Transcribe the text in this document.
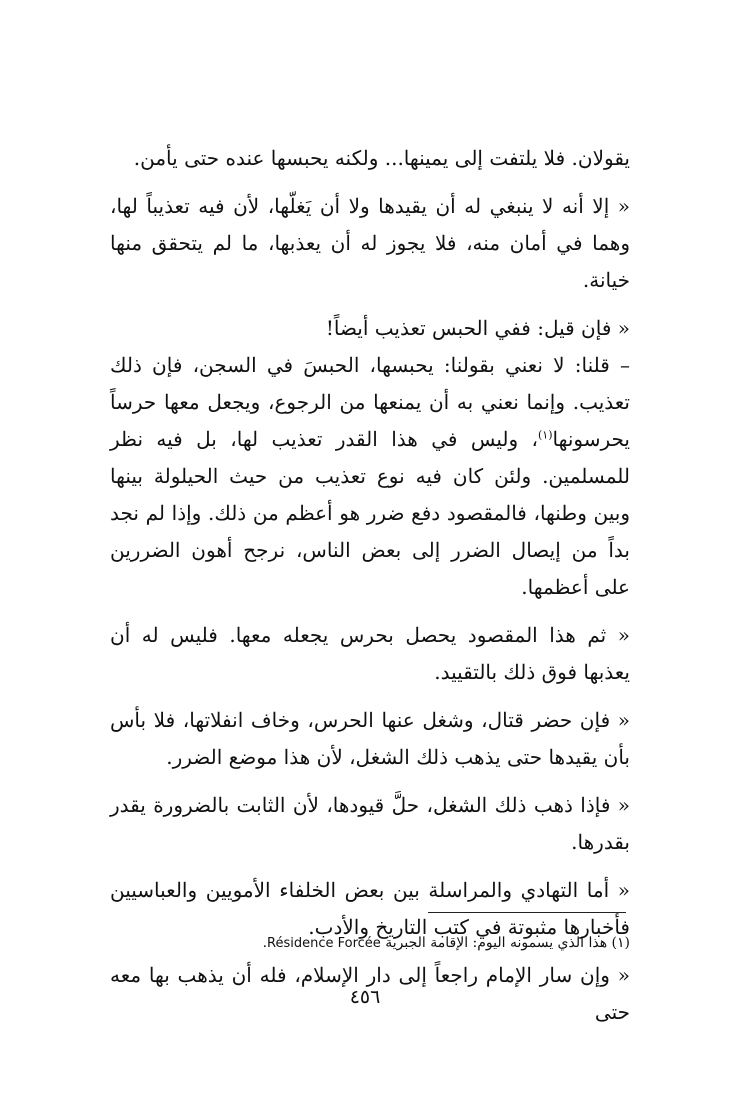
يقولان. فلا يلتفت إلى يمينها... ولكنه يحبسها عنده حتى يأمن.

« إلا أنه لا ينبغي له أن يقيدها ولا أن يَغلّها، لأن فيه تعذيباً لها، وهما في أمان منه، فلا يجوز له أن يعذبها، ما لم يتحقق منها خيانة.

« فإن قيل: ففي الحبس تعذيب أيضاً!

– قلنا: لا نعني بقولنا: يحبسها، الحبسَ في السجن، فإن ذلك تعذيب. وإنما نعني به أن يمنعها من الرجوع، ويجعل معها حرساً يحرسونها$^{(١)}$، وليس في هذا القدر تعذيب لها، بل فيه نظر للمسلمين. ولئن كان فيه نوع تعذيب من حيث الحيلولة بينها وبين وطنها، فالمقصود دفع ضرر هو أعظم من ذلك. وإذا لم نجد بداً من إيصال الضرر إلى بعض الناس، نرجح أهون الضررين على أعظمها.

« ثم هذا المقصود يحصل بحرس يجعله معها. فليس له أن يعذبها فوق ذلك بالتقييد.

« فإن حضر قتال، وشغل عنها الحرس، وخاف انفلاتها، فلا بأس بأن يقيدها حتى يذهب ذلك الشغل، لأن هذا موضع الضرر.

« فإذا ذهب ذلك الشغل، حلَّ قيودها، لأن الثابت بالضرورة يقدر بقدرها.

« أما التهادي والمراسلة بين بعض الخلفاء الأمويين والعباسيين فأخبارها مثبوتة في كتب التاريخ والأدب.

« وإن سار الإمام راجعاً إلى دار الإسلام، فله أن يذهب بها معه حتى

(١) هذا الذي يسمونه اليوم: الإقامة الجبرية Résidence Forcée.
٤٥٦
